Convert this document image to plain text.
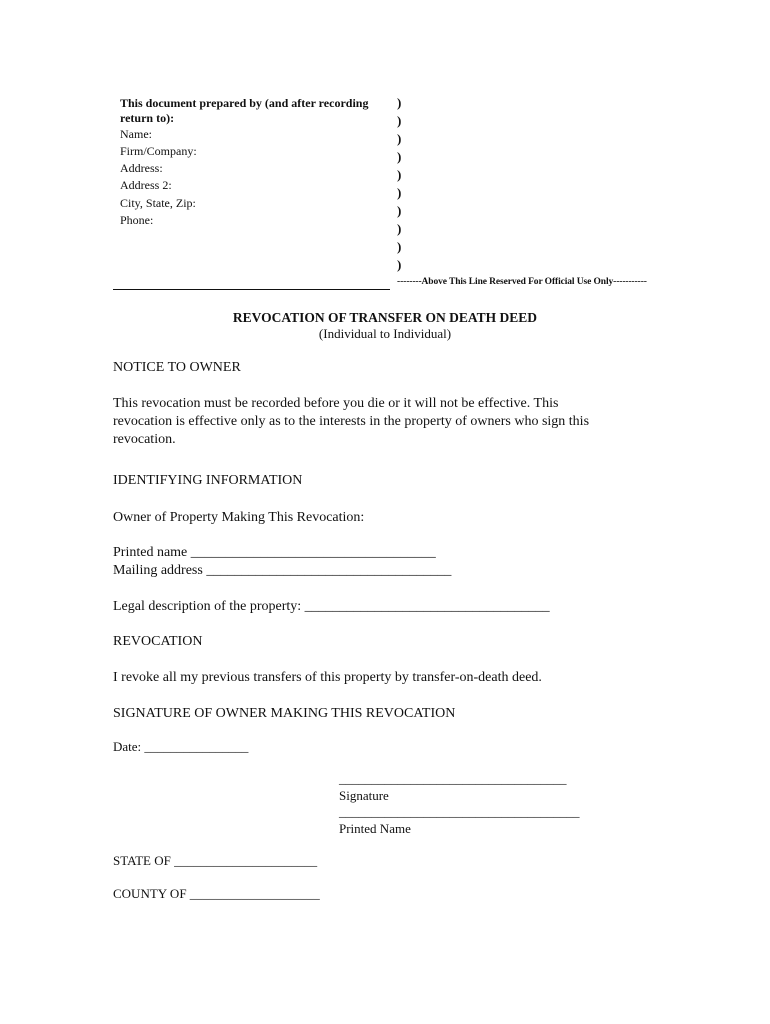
This document prepared by (and after recording
return to):
Name:
Firm/Company:
Address:
Address 2:
City, State, Zip:
Phone:
)
)
)
)
)
)
)
)
)
)
--------Above This Line Reserved For Official Use Only-----------
REVOCATION OF TRANSFER ON DEATH DEED
(Individual to Individual)
NOTICE TO OWNER
This revocation must be recorded before you die or it will not be effective. This
revocation is effective only as to the interests in the property of owners who sign this
revocation.
IDENTIFYING INFORMATION
Owner of Property Making This Revocation:
Printed name ___________________________________
Mailing address ___________________________________
Legal description of the property: ___________________________________
REVOCATION
I revoke all my previous transfers of this property by transfer-on-death deed.
SIGNATURE OF OWNER MAKING THIS REVOCATION
Date: ________________
___________________________________
Signature
_____________________________________
Printed Name
STATE OF ______________________
COUNTY OF ____________________
